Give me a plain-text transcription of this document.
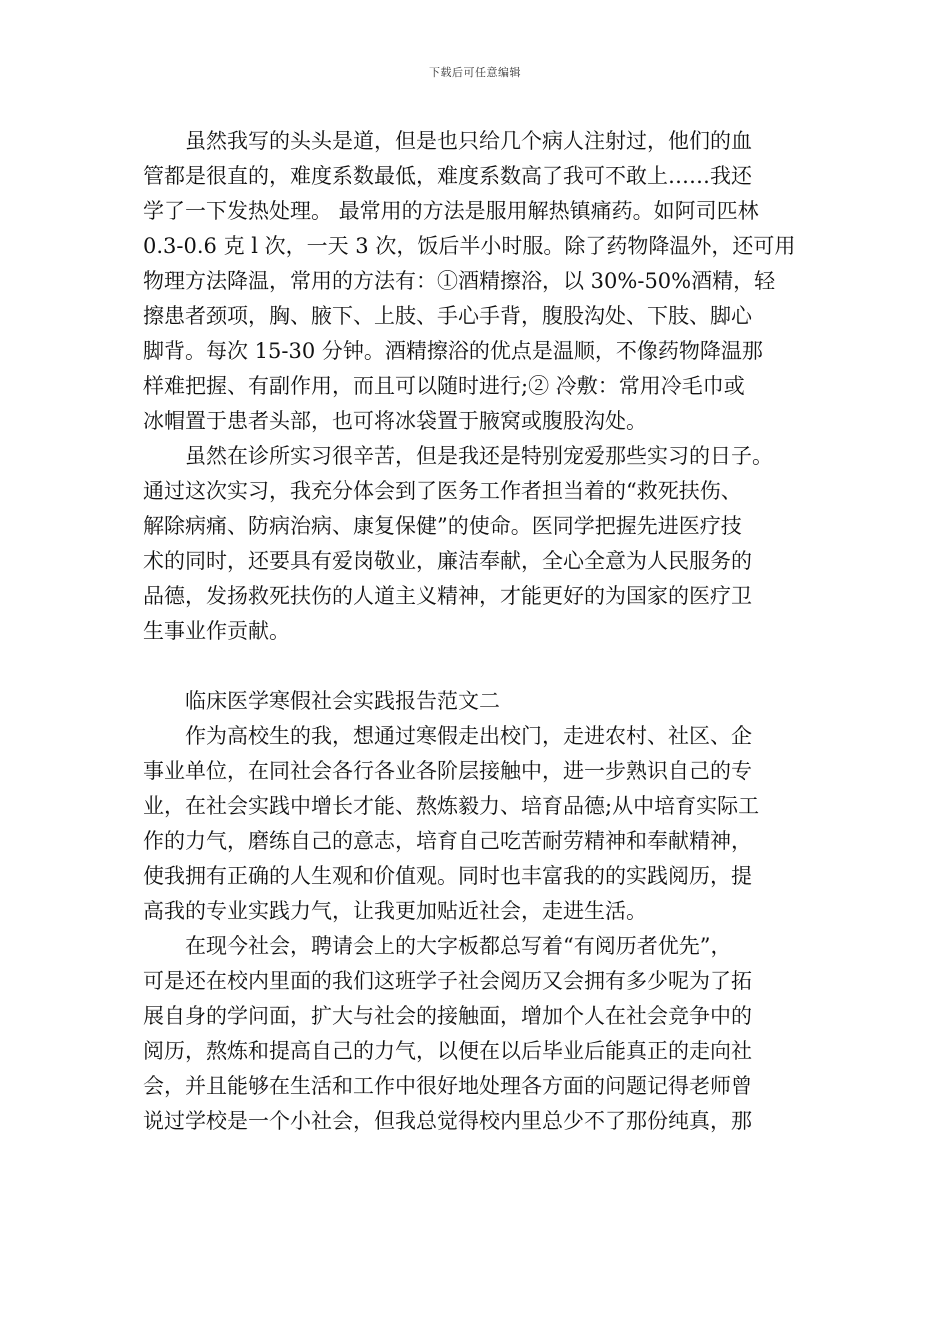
下载后可任意编辑

虽然我写的头头是道，但是也只给几个病人注射过，他们的血
管都是很直的，难度系数最低，难度系数高了我可不敢上……我还
学了一下发热处理。 最常用的方法是服用解热镇痛药。如阿司匹林
0.3-0.6 克 l 次，一天 3 次，饭后半小时服。除了药物降温外，还可用
物理方法降温，常用的方法有：①酒精擦浴，以 30%-50%酒精，轻
擦患者颈项，胸、腋下、上肢、手心手背，腹股沟处、下肢、脚心
脚背。每次 15-30 分钟。酒精擦浴的优点是温顺，不像药物降温那
样难把握、有副作用，而且可以随时进行;② 冷敷：常用冷毛巾或
冰帽置于患者头部，也可将冰袋置于腋窝或腹股沟处。

虽然在诊所实习很辛苦，但是我还是特别宠爱那些实习的日子。
通过这次实习，我充分体会到了医务工作者担当着的“救死扶伤、
解除病痛、防病治病、康复保健”的使命。医同学把握先进医疗技
术的同时，还要具有爱岗敬业，廉洁奉献，全心全意为人民服务的
品德，发扬救死扶伤的人道主义精神，才能更好的为国家的医疗卫
生事业作贡献。

临床医学寒假社会实践报告范文二

作为高校生的我，想通过寒假走出校门，走进农村、社区、企
事业单位，在同社会各行各业各阶层接触中，进一步熟识自己的专
业，在社会实践中增长才能、熬炼毅力、培育品德;从中培育实际工
作的力气，磨练自己的意志，培育自己吃苦耐劳精神和奉献精神，
使我拥有正确的人生观和价值观。同时也丰富我的的实践阅历，提
高我的专业实践力气，让我更加贴近社会，走进生活。

在现今社会，聘请会上的大字板都总写着“有阅历者优先”，
可是还在校内里面的我们这班学子社会阅历又会拥有多少呢为了拓
展自身的学问面，扩大与社会的接触面，增加个人在社会竞争中的
阅历，熬炼和提高自己的力气，以便在以后毕业后能真正的走向社
会，并且能够在生活和工作中很好地处理各方面的问题记得老师曾
说过学校是一个小社会，但我总觉得校内里总少不了那份纯真，那
